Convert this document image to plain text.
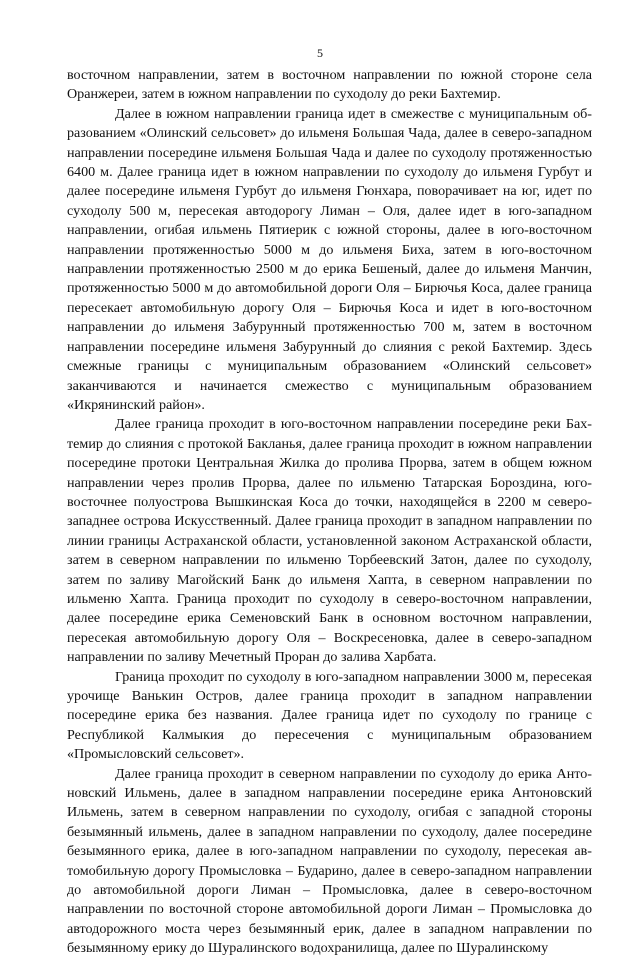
5

восточном направлении, затем в восточном направлении по южной стороне села Оранжереи, затем в южном направлении по суходолу до реки Бахтемир.

Далее в южном направлении граница идет в смежестве с муниципальным образованием «Олинский сельсовет» до ильменя Большая Чада, далее в северо-западном направлении посередине ильменя Большая Чада и далее по суходолу протяженностью 6400 м. Далее граница идет в южном направлении по суходолу до ильменя Гурбут и далее посередине ильменя Гурбут до ильменя Гюнхара, поворачивает на юг, идет по суходолу 500 м, пересекая автодорогу Лиман – Оля, далее идет в юго-западном направлении, огибая ильмень Пятиерик с южной стороны, далее в юго-восточном направлении протяженностью 5000 м до ильменя Биха, затем в юго-восточном направлении протяженностью 2500 м до ерика Бешеный, далее до ильменя Манчин, протяженностью 5000 м до автомобильной дороги Оля – Бирючья Коса, далее граница пересекает автомобильную дорогу Оля – Бирючья Коса и идет в юго-восточном направлении до ильменя Забурунный протяженностью 700 м, затем в восточном направлении посередине ильменя Забурунный до слияния с рекой Бахтемир. Здесь смежные границы с муниципальным образованием «Олинский сельсовет» заканчиваются и начинается смежество с муниципальным образованием «Икрянинский район».

Далее граница проходит в юго-восточном направлении посередине реки Бахтемир до слияния с протокой Бакланья, далее граница проходит в южном направлении посередине протоки Центральная Жилка до пролива Прорва, затем в общем южном направлении через пролив Прорва, далее по ильменю Татарская Бороздина, юго-восточнее полуострова Вышкинская Коса до точки, находящейся в 2200 м северо-западнее острова Искусственный. Далее граница проходит в западном направлении по линии границы Астраханской области, установленной законом Астраханской области, затем в северном направлении по ильменю Торбеевский Затон, далее по суходолу, затем по заливу Магойский Банк до ильменя Хапта, в северном направлении по ильменю Хапта. Граница проходит по суходолу в северо-восточном направлении, далее посередине ерика Семеновский Банк в основном восточном направлении, пересекая автомобильную дорогу Оля – Воскресеновка, далее в северо-западном направлении по заливу Мечетный Проран до залива Харбата.

Граница проходит по суходолу в юго-западном направлении 3000 м, пересекая урочище Ванькин Остров, далее граница проходит в западном направлении посередине ерика без названия. Далее граница идет по суходолу по границе с Республикой Калмыкия до пересечения с муниципальным образованием «Промысловский сельсовет».

Далее граница проходит в северном направлении по суходолу до ерика Антоновский Ильмень, далее в западном направлении посередине ерика Антоновский Ильмень, затем в северном направлении по суходолу, огибая с западной стороны безымянный ильмень, далее в западном направлении по суходолу, далее посередине безымянного ерика, далее в юго-западном направлении по суходолу, пересекая автомобильную дорогу Промысловка – Бударино, далее в северо-западном направлении до автомобильной дороги Лиман – Промысловка, далее в северо-восточном направлении по восточной стороне автомобильной дороги Лиман – Промысловка до автодорожного моста через безымянный ерик, далее в западном направлении по безымянному ерику до Шуралинского водохранилища, далее по Шуралинскому
